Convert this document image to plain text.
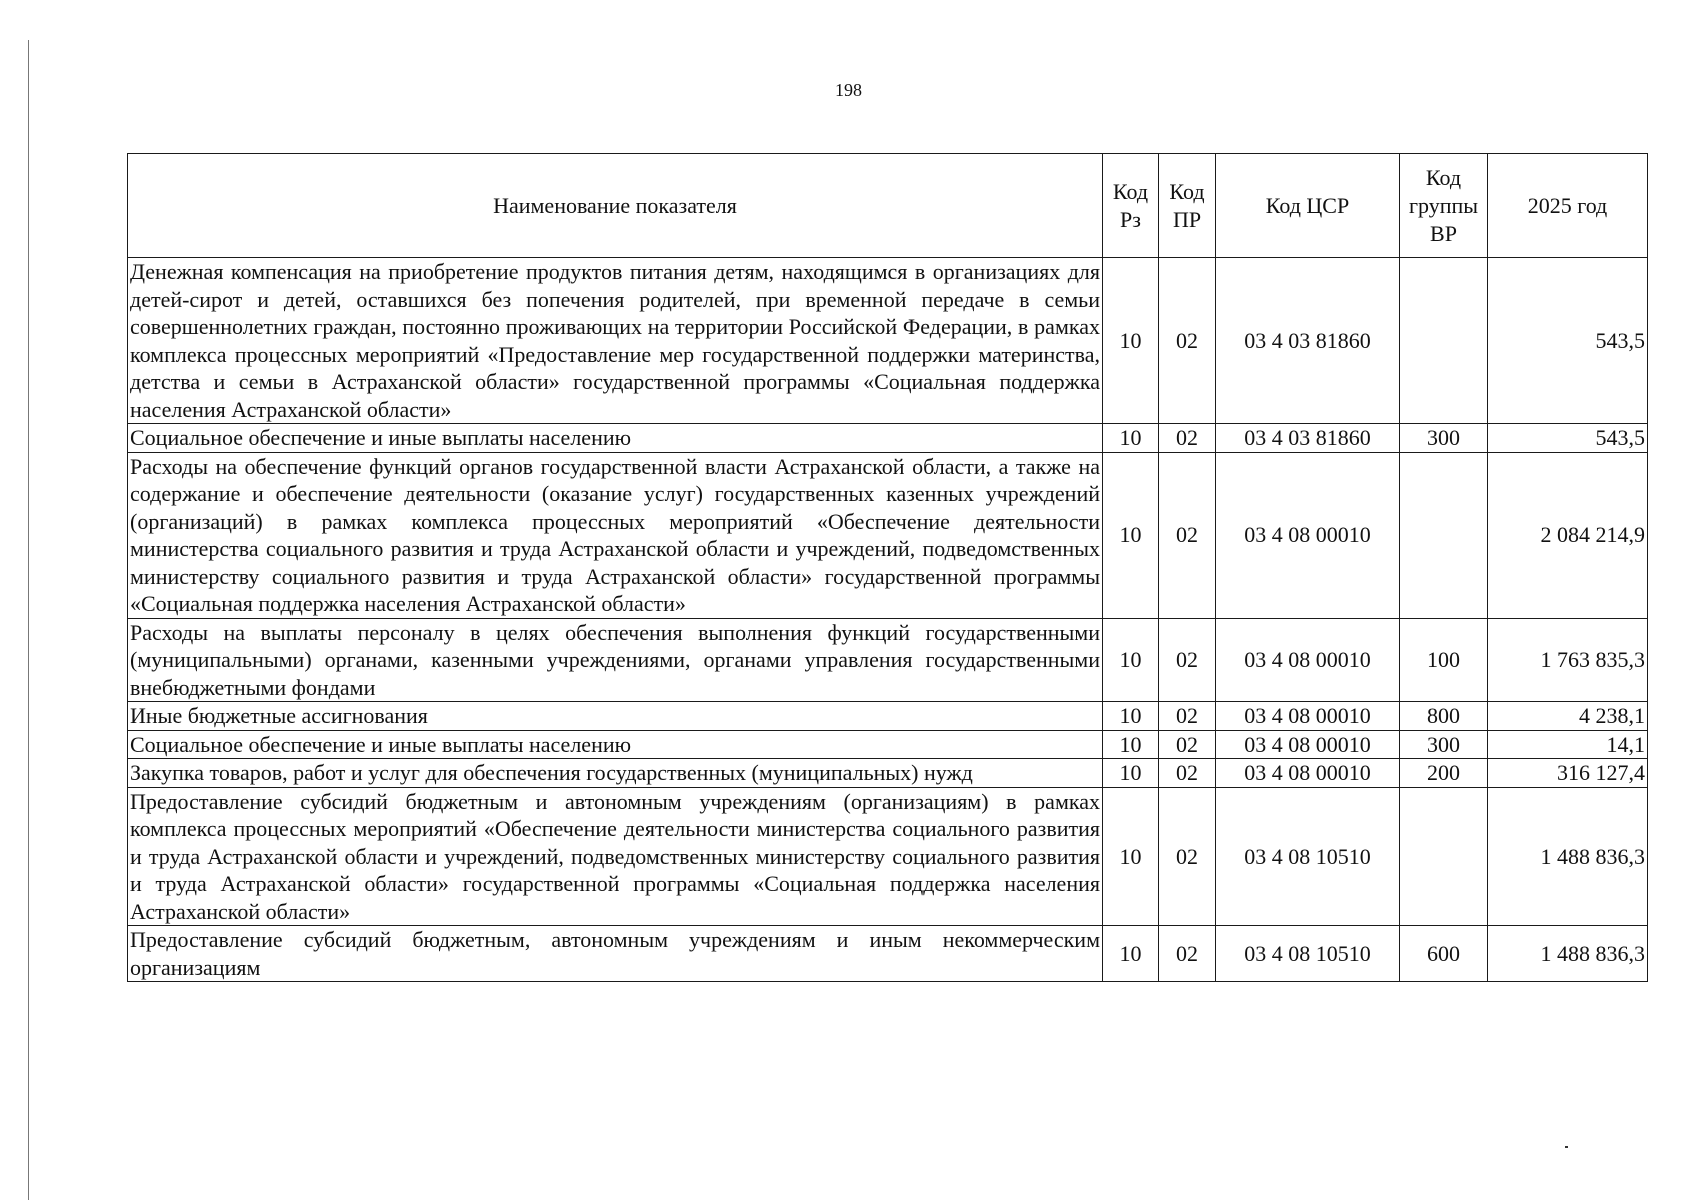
198
Наименование показателя	Код Рз	Код ПР	Код ЦСР	Код группы ВР	2025 год
Денежная компенсация на приобретение продуктов питания детям, находящимся в организациях для детей-сирот и детей, оставшихся без попечения родителей, при временной передаче в семьи совершеннолетних граждан, постоянно проживающих на территории Российской Федерации, в рамках комплекса процессных мероприятий «Предоставление мер государственной поддержки материнства, детства и семьи в Астраханской области» государственной программы «Социальная поддержка населения Астраханской области»	10	02	03 4 03 81860		543,5
Социальное обеспечение и иные выплаты населению	10	02	03 4 03 81860	300	543,5
Расходы на обеспечение функций органов государственной власти Астраханской области, а также на содержание и обеспечение деятельности (оказание услуг) государственных казенных учреждений (организаций) в рамках комплекса процессных мероприятий «Обеспечение деятельности министерства социального развития и труда Астраханской области и учреждений, подведомственных министерству социального развития и труда Астраханской области» государственной программы «Социальная поддержка населения Астраханской области»	10	02	03 4 08 00010		2 084 214,9
Расходы на выплаты персоналу в целях обеспечения выполнения функций государственными (муниципальными) органами, казенными учреждениями, органами управления государственными внебюджетными фондами	10	02	03 4 08 00010	100	1 763 835,3
Иные бюджетные ассигнования	10	02	03 4 08 00010	800	4 238,1
Социальное обеспечение и иные выплаты населению	10	02	03 4 08 00010	300	14,1
Закупка товаров, работ и услуг для обеспечения государственных (муниципальных) нужд	10	02	03 4 08 00010	200	316 127,4
Предоставление субсидий бюджетным и автономным учреждениям (организациям) в рамках комплекса процессных мероприятий «Обеспечение деятельности министерства социального развития и труда Астраханской области и учреждений, подведомственных министерству социального развития и труда Астраханской области» государственной программы «Социальная поддержка населения Астраханской области»	10	02	03 4 08 10510		1 488 836,3
Предоставление субсидий бюджетным, автономным учреждениям и иным некоммерческим организациям	10	02	03 4 08 10510	600	1 488 836,3
